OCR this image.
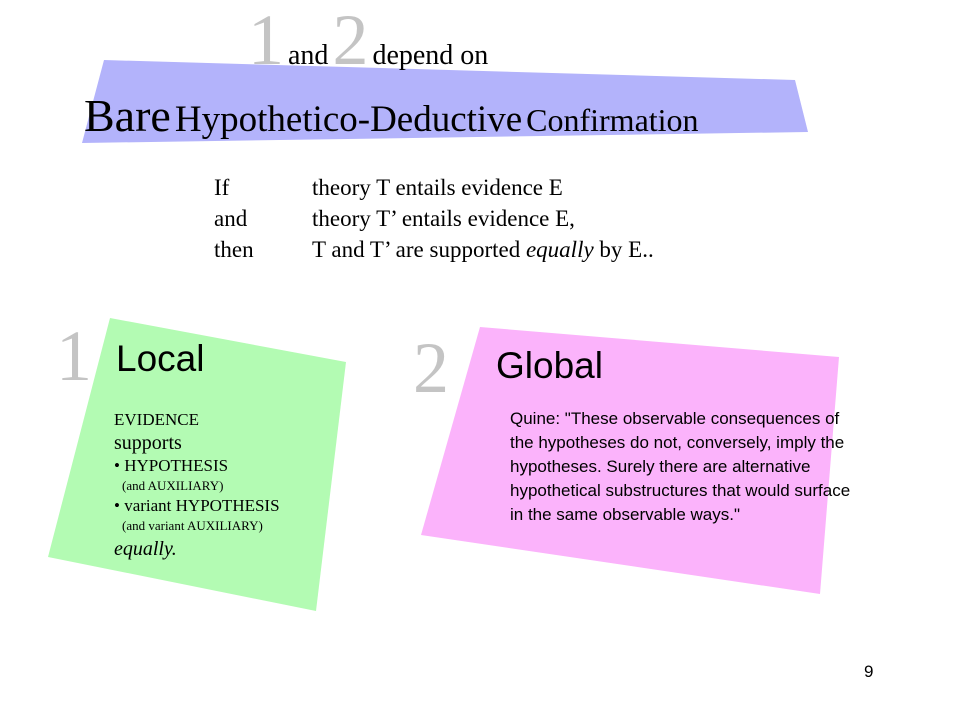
1 and 2 depend on
Bare Hypothetico-Deductive Confirmation
If	theory T entails evidence E
and	theory T’ entails evidence E,
then	T and T’ are supported equally by E..
1 Local
EVIDENCE
supports
• HYPOTHESIS
(and AUXILIARY)
• variant HYPOTHESIS
(and variant AUXILIARY)
equally.
2 Global
Quine: "These observable consequences of the hypotheses do not, conversely, imply the hypotheses. Surely there are alternative hypothetical substructures that would surface in the same observable ways."
9
